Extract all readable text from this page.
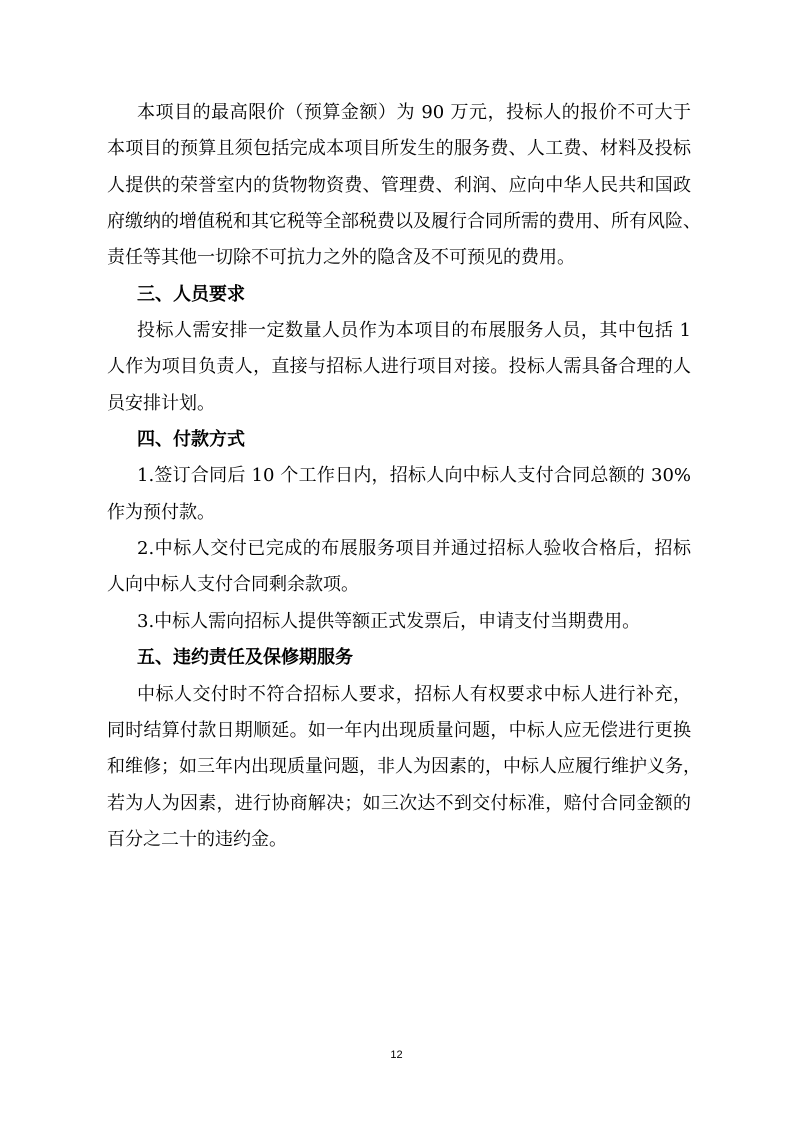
本项目的最高限价（预算金额）为 90 万元，投标人的报价不可大于
本项目的预算且须包括完成本项目所发生的服务费、人工费、材料及投标
人提供的荣誉室内的货物物资费、管理费、利润、应向中华人民共和国政
府缴纳的增值税和其它税等全部税费以及履行合同所需的费用、所有风险、
责任等其他一切除不可抗力之外的隐含及不可预见的费用。
三、人员要求
投标人需安排一定数量人员作为本项目的布展服务人员，其中包括 1
人作为项目负责人，直接与招标人进行项目对接。投标人需具备合理的人
员安排计划。
四、付款方式
1.签订合同后 10 个工作日内，招标人向中标人支付合同总额的 30%
作为预付款。
2.中标人交付已完成的布展服务项目并通过招标人验收合格后，招标
人向中标人支付合同剩余款项。
3.中标人需向招标人提供等额正式发票后，申请支付当期费用。
五、违约责任及保修期服务
中标人交付时不符合招标人要求，招标人有权要求中标人进行补充，
同时结算付款日期顺延。如一年内出现质量问题，中标人应无偿进行更换
和维修；如三年内出现质量问题，非人为因素的，中标人应履行维护义务，
若为人为因素，进行协商解决；如三次达不到交付标准，赔付合同金额的
百分之二十的违约金。
12
